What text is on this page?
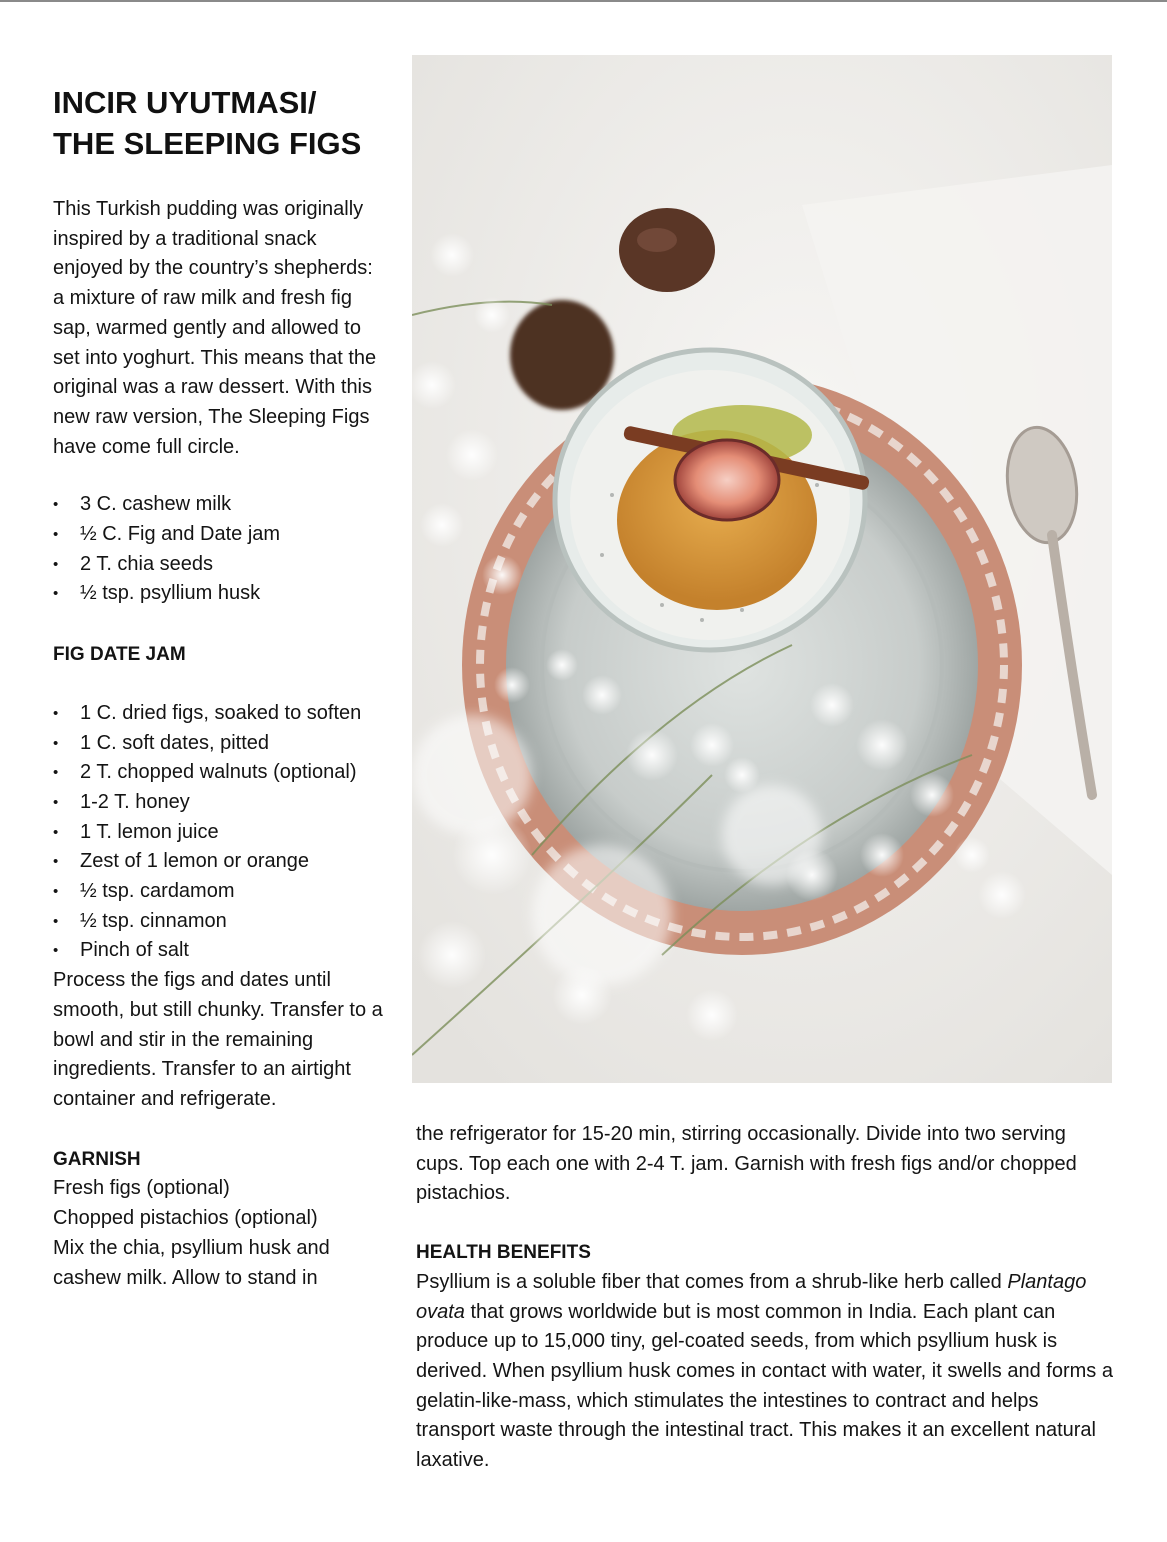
INCIR UYUTMASI/
THE SLEEPING FIGS

This Turkish pudding was originally inspired by a traditional snack enjoyed by the country’s shepherds: a mixture of raw milk and fresh fig sap, warmed gently and allowed to set into yoghurt. This means that the original was a raw dessert. With this new raw version, The Sleeping Figs have come full circle.

• 3 C. cashew milk
• ½ C. Fig and Date jam
• 2 T. chia seeds
• ½ tsp. psyllium husk
FIG DATE JAM
• 1 C. dried figs, soaked to soften
• 1 C. soft dates, pitted
• 2 T. chopped walnuts (optional)
• 1-2 T. honey
• 1 T. lemon juice
• Zest of 1 lemon or orange
• ½ tsp. cardamom
• ½ tsp. cinnamon
• Pinch of salt

Process the figs and dates until smooth, but still chunky. Transfer to a bowl and stir in the remaining ingredients. Transfer to an airtight container and refrigerate.

GARNISH
Fresh figs (optional)
Chopped pistachios (optional)

Mix the chia, psyllium husk and cashew milk. Allow to stand in

the refrigerator for 15-20 min, stirring occasionally. Divide into two serving cups. Top each one with 2-4 T. jam. Garnish with fresh figs and/or chopped pistachios.

HEALTH BENEFITS

Psyllium is a soluble fiber that comes from a shrub-like herb called Plantago ovata that grows worldwide but is most common in India. Each plant can produce up to 15,000 tiny, gel-coated seeds, from which psyllium husk is derived. When psyllium husk comes in contact with water, it swells and forms a gelatin-like-mass, which stimulates the intestines to contract and helps transport waste through the intestinal tract. This makes it an excellent natural laxative.
